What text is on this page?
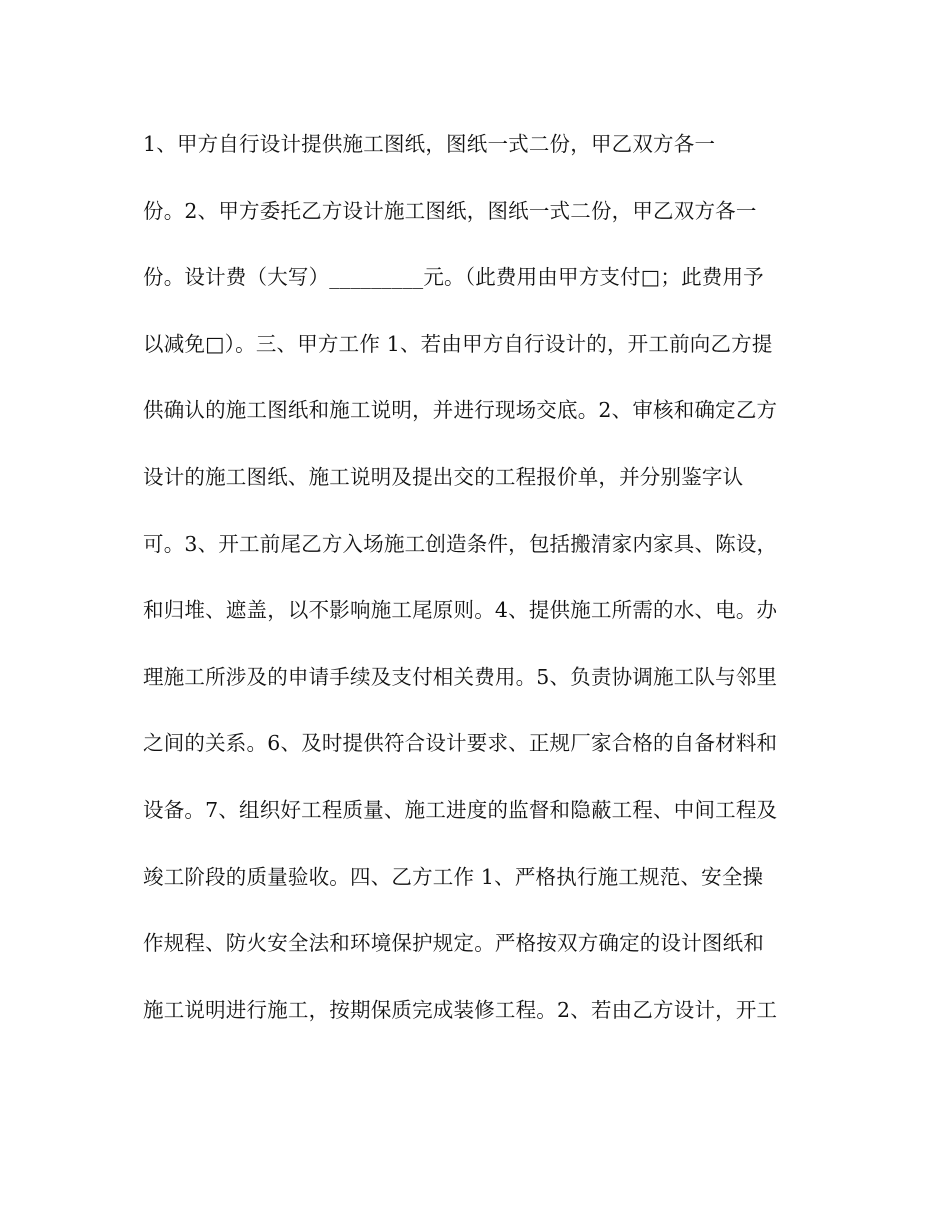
1、甲方自行设计提供施工图纸，图纸一式二份，甲乙双方各一
份。2、甲方委托乙方设计施工图纸，图纸一式二份，甲乙双方各一
份。设计费（大写）_________元。（此费用由甲方支付□；此费用予
以减免□）。三、甲方工作 1、若由甲方自行设计的，开工前向乙方提
供确认的施工图纸和施工说明，并进行现场交底。2、审核和确定乙方
设计的施工图纸、施工说明及提出交的工程报价单，并分别鉴字认
可。3、开工前尾乙方入场施工创造条件，包括搬清家内家具、陈设，
和归堆、遮盖，以不影响施工尾原则。4、提供施工所需的水、电。办
理施工所涉及的申请手续及支付相关费用。5、负责协调施工队与邻里
之间的关系。6、及时提供符合设计要求、正规厂家合格的自备材料和
设备。7、组织好工程质量、施工进度的监督和隐蔽工程、中间工程及
竣工阶段的质量验收。四、乙方工作 1、严格执行施工规范、安全操
作规程、防火安全法和环境保护规定。严格按双方确定的设计图纸和
施工说明进行施工，按期保质完成装修工程。2、若由乙方设计，开工
